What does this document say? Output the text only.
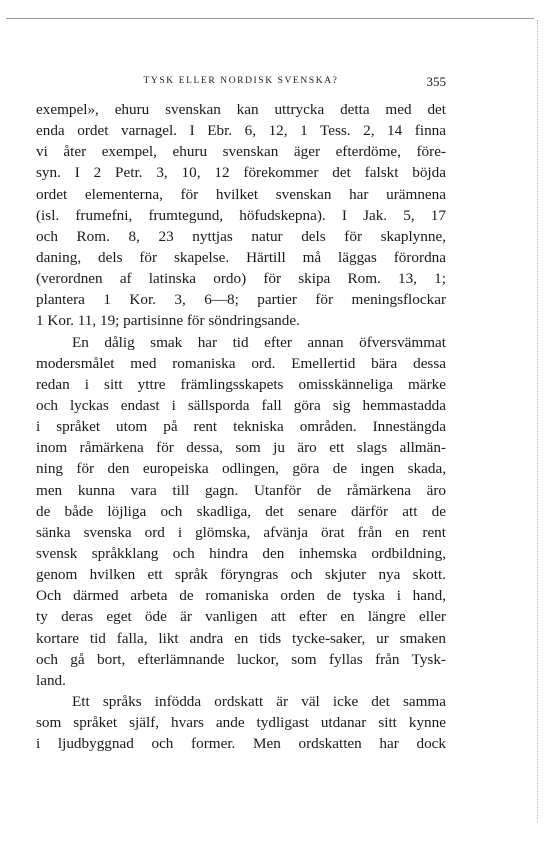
TYSK ELLER NORDISK SVENSKA?	355
exempel», ehuru svenskan kan uttrycka detta med det
enda ordet varnagel. I Ebr. 6, 12, 1 Tess. 2, 14 finna
vi åter exempel, ehuru svenskan äger efterdöme, före-
syn. I 2 Petr. 3, 10, 12 förekommer det falskt böjda
ordet elementerna, för hvilket svenskan har urämnena
(isl. frumefni, frumtegund, höfudskepna). I Jak. 5, 17
och Rom. 8, 23 nyttjas natur dels för skaplynne,
daning, dels för skapelse. Härtill må läggas förordna
(verordnen af latinska ordo) för skipa Rom. 13, 1;
plantera 1 Kor. 3, 6—8; partier för meningsflockar
1 Kor. 11, 19; partisinne för söndringsande.
En dålig smak har tid efter annan öfversvämmat
modersmålet med romaniska ord. Emellertid bära dessa
redan i sitt yttre främlingsskapets omisskänneliga märke
och lyckas endast i sällsporda fall göra sig hemmastadda
i språket utom på rent tekniska områden. Innestängda
inom råmärkena för dessa, som ju äro ett slags allmän-
ning för den europeiska odlingen, göra de ingen skada,
men kunna vara till gagn. Utanför de råmärkena äro
de både löjliga och skadliga, det senare därför att de
sänka svenska ord i glömska, afvänja örat från en rent
svensk språkklang och hindra den inhemska ordbildning,
genom hvilken ett språk föryngras och skjuter nya skott.
Och därmed arbeta de romaniska orden de tyska i hand,
ty deras eget öde är vanligen att efter en längre eller
kortare tid falla, likt andra en tids tycke-saker, ur smaken
och gå bort, efterlämnande luckor, som fyllas från Tysk-
land.
Ett språks infödda ordskatt är väl icke det samma
som språket själf, hvars ande tydligast utdanar sitt kynne
i ljudbyggnad och former. Men ordskatten har dock
